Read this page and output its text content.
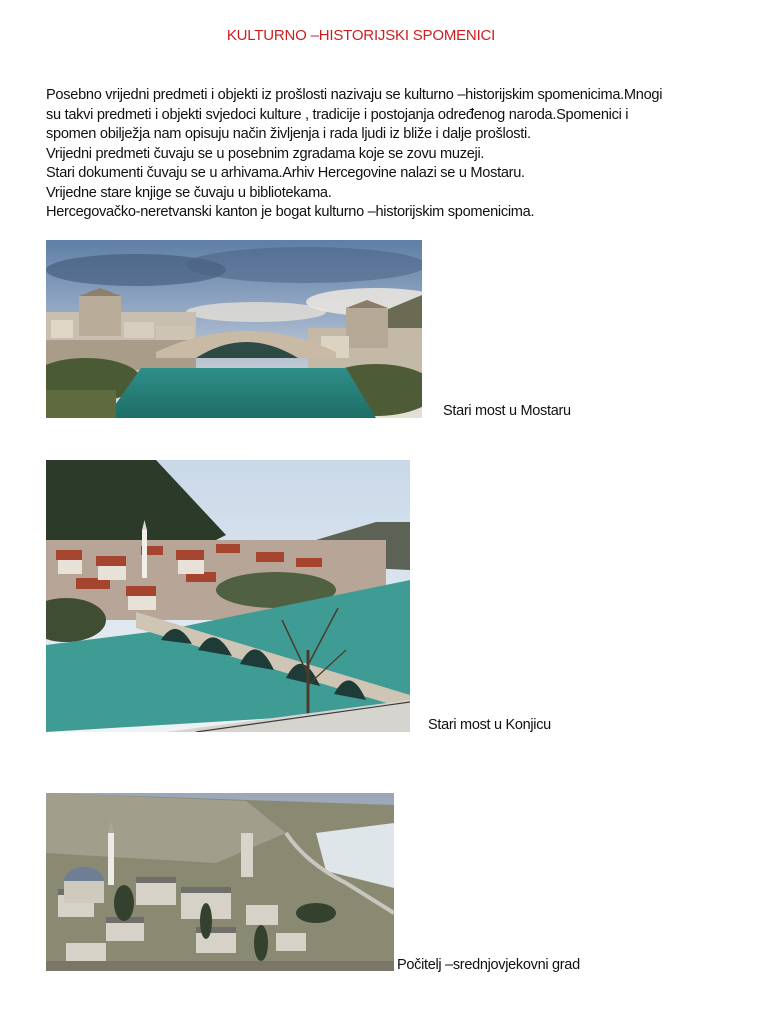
KULTURNO –HISTORIJSKI SPOMENICI
Posebno vrijedni predmeti i objekti iz prošlosti nazivaju se kulturno –historijskim spomenicima.Mnogi
su takvi predmeti i objekti svjedoci kulture , tradicije i postojanja određenog naroda.Spomenici i
spomen obilježja nam opisuju način življenja i rada ljudi iz bliže i dalje prošlosti.
Vrijedni predmeti čuvaju se u posebnim zgradama koje se zovu muzeji.
Stari dokumenti čuvaju se u arhivama.Arhiv Hercegovine nalazi se u Mostaru.
Vrijedne stare knjige se čuvaju u bibliotekama.
Hercegovačko-neretvanski kanton je bogat kulturno –historijskim spomenicima.
Stari most u Mostaru
Stari most u Konjicu
Počitelj –srednjovjekovni grad
